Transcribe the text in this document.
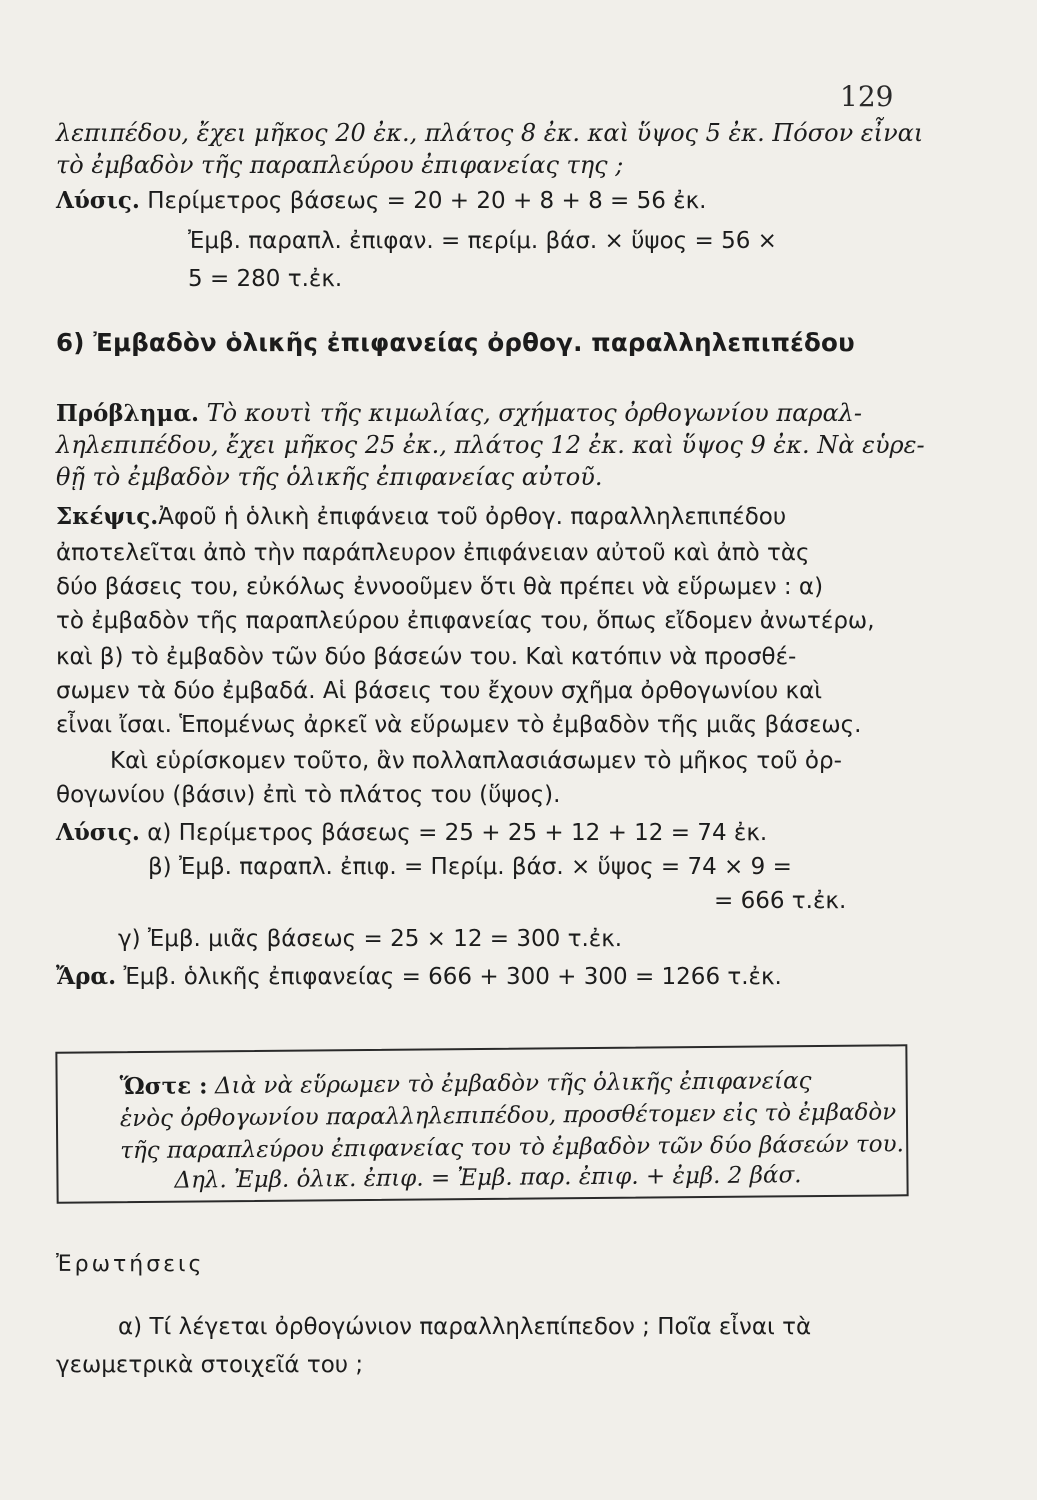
129
λεπιπέδου, ἔχει μῆκος 20 ἐκ., πλάτος 8 ἐκ. καὶ ὕψος 5 ἐκ. Πόσον εἶναι
τὸ ἐμβαδὸν τῆς παραπλεύρου ἐπιφανείας της ;
Λύσις. Περίμετρος βάσεως = 20 + 20 + 8 + 8 = 56 ἐκ.
Ἐμβ. παραπλ. ἐπιφαν. = περίμ. βάσ. × ὕψος = 56 ×
5 = 280 τ.ἐκ.
6) Ἐμβαδὸν ὁλικῆς ἐπιφανείας ὀρθογ. παραλληλεπιπέδου
Πρόβλημα. Τὸ κουτὶ τῆς κιμωλίας, σχήματος ὀρθογωνίου παραλ-
ληλεπιπέδου, ἔχει μῆκος 25 ἐκ., πλάτος 12 ἐκ. καὶ ὕψος 9 ἐκ. Νὰ εὑρε-
θῇ τὸ ἐμβαδὸν τῆς ὁλικῆς ἐπιφανείας αὐτοῦ.
Σκέψις.Ἀφοῦ ἡ ὁλικὴ ἐπιφάνεια τοῦ ὀρθογ. παραλληλεπιπέδου
ἀποτελεῖται ἀπὸ τὴν παράπλευρον ἐπιφάνειαν αὐτοῦ καὶ ἀπὸ τὰς
δύο βάσεις του, εὐκόλως ἐννοοῦμεν ὅτι θὰ πρέπει νὰ εὕρωμεν : α)
τὸ ἐμβαδὸν τῆς παραπλεύρου ἐπιφανείας του, ὅπως εἴδομεν ἀνωτέρω,
καὶ β) τὸ ἐμβαδὸν τῶν δύο βάσεών του. Καὶ κατόπιν νὰ προσθέ-
σωμεν τὰ δύο ἐμβαδά. Αἱ βάσεις του ἔχουν σχῆμα ὀρθογωνίου καὶ
εἶναι ἴσαι. Ἑπομένως ἀρκεῖ νὰ εὕρωμεν τὸ ἐμβαδὸν τῆς μιᾶς βάσεως.
Καὶ εὑρίσκομεν τοῦτο, ἂν πολλαπλασιάσωμεν τὸ μῆκος τοῦ ὀρ-
θογωνίου (βάσιν) ἐπὶ τὸ πλάτος του (ὕψος).
Λύσις. α) Περίμετρος βάσεως = 25 + 25 + 12 + 12 = 74 ἐκ.
β) Ἐμβ. παραπλ. ἐπιφ. = Περίμ. βάσ. × ὕψος = 74 × 9 =
= 666 τ.ἐκ.
γ) Ἐμβ. μιᾶς βάσεως = 25 × 12 = 300 τ.ἐκ.
Ἄρα. Ἐμβ. ὁλικῆς ἐπιφανείας = 666 + 300 + 300 = 1266 τ.ἐκ.
Ὥστε : Διὰ νὰ εὕρωμεν τὸ ἐμβαδὸν τῆς ὁλικῆς ἐπιφανείας
ἑνὸς ὀρθογωνίου παραλληλεπιπέδου, προσθέτομεν εἰς τὸ ἐμβαδὸν
τῆς παραπλεύρου ἐπιφανείας του τὸ ἐμβαδὸν τῶν δύο βάσεών του.
Δηλ. Ἐμβ. ὁλικ. ἐπιφ. = Ἐμβ. παρ. ἐπιφ. + ἐμβ. 2 βάσ.
Ἐρωτήσεις
α) Τί λέγεται ὀρθογώνιον παραλληλεπίπεδον ; Ποῖα εἶναι τὰ
γεωμετρικὰ στοιχεῖά του ;
